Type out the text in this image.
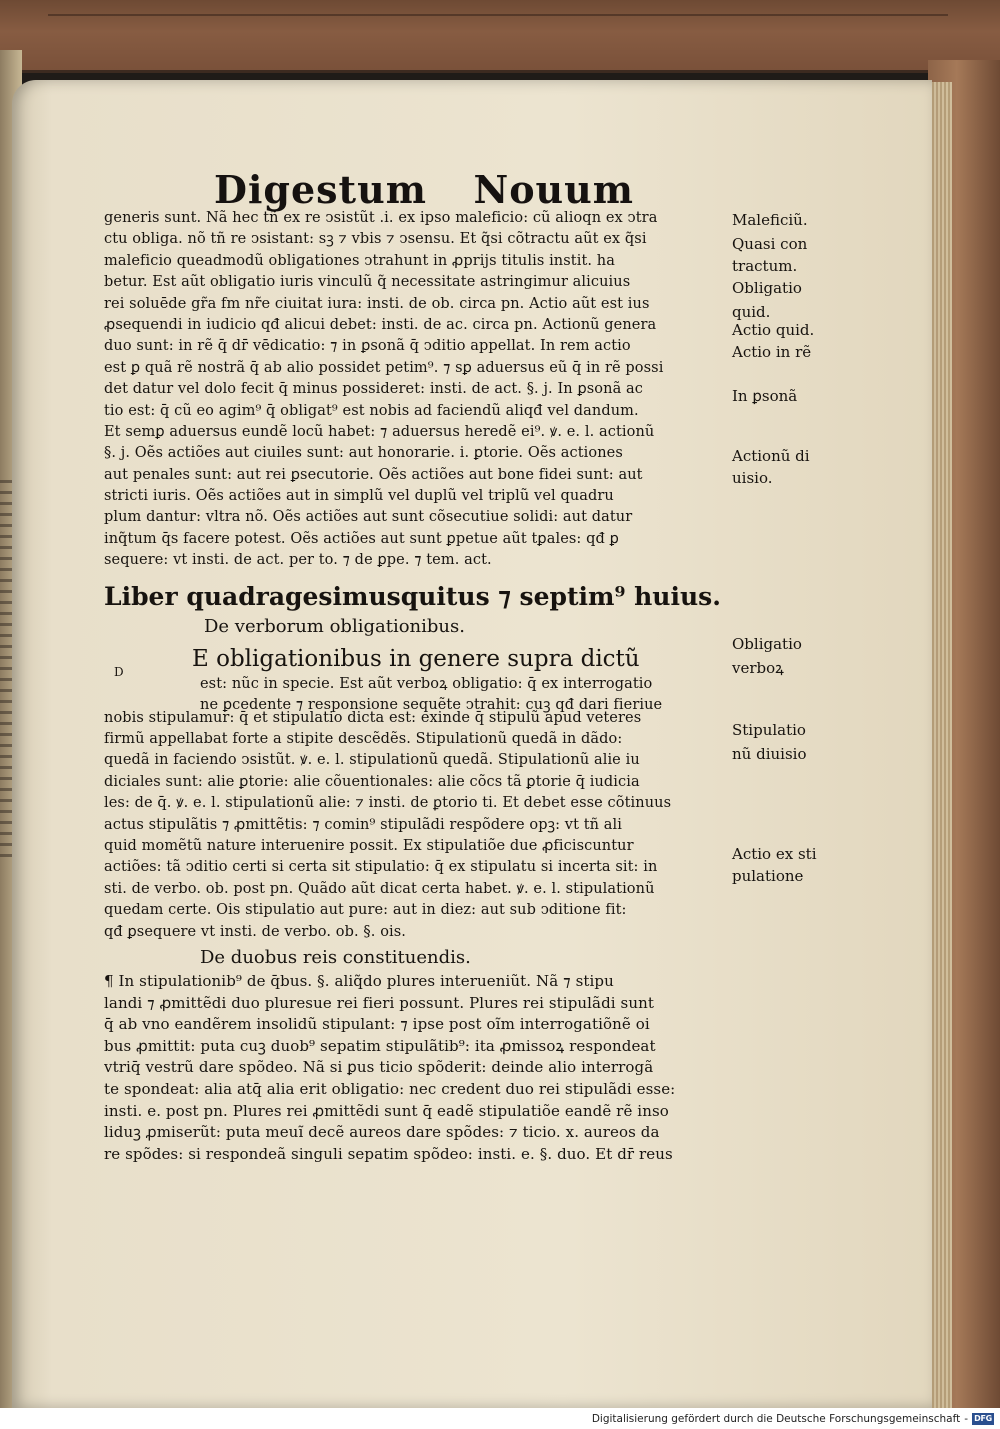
Digestum Nouum
generis sunt. Nã hec tñ ex re ↄsistũt .i. ex ipso maleficio: cũ alioqn ex ↄtra
ctu obliga. nõ tñ re ↄsistant: sꝫ ⁊ vbis ⁊ ↄsensu. Et q̃si cõtractu aũt ex q̃si
maleficio queadmodũ obligationes ↄtrahunt in ꝓprijs titulis instit. ha
betur. Est aũt obligatio iuris vinculũ q̃ necessitate astringimur alicuius
rei soluēde gr̃a fm nr̃e ciuitat iura: insti. de ob. circa pn. Actio aũt est ius
ꝓsequendi in iudicio qđ alicui debet: insti. de ac. circa pn. Actionũ genera
duo sunt: in rẽ q̄ dr̄ vēdicatio: ⁊ in ꝑsonã q̄ ↄditio appellat. In rem actio
est ꝑ quã rẽ nostrã q̄ ab alio possidet petim⁹. ⁊ sꝑ aduersus eũ q̄ in rẽ possi
det datur vel dolo fecit q̄ minus possideret: insti. de act. §. j. In ꝑsonã ac
tio est: q̄ cũ eo agim⁹ q̄ obligat⁹ est nobis ad faciendũ aliqđ vel dandum.
Et semꝑ aduersus eundẽ locũ habet: ⁊ aduersus heredẽ ei⁹. ꝟ. e. l. actionũ
§. j. Oẽs actiões aut ciuiles sunt: aut honorarie. i. ꝑtorie. Oẽs actiones
aut penales sunt: aut rei ꝑsecutorie. Oẽs actiões aut bone fidei sunt: aut
stricti iuris. Oẽs actiões aut in simplũ vel duplũ vel triplũ vel quadru
plum dantur: vltra nõ. Oẽs actiões aut sunt cõsecutiue solidi: aut datur
inq̃tum q̄s facere potest. Oẽs actiões aut sunt ꝑpetue aũt tꝑales: qđ ꝑ
sequere: vt insti. de act. per to. ⁊ de ꝑpe. ⁊ tem. act.
Liber quadragesimusquitus ⁊ septim⁹ huius.
De verborum obligationibus.
D	E obligationibus in genere supra dictũ
est: nũc in specie. Est aũt verboꝝ obligatio: q̄ ex interrogatio
ne ꝑcedente ⁊ responsione sequẽte ↄtrahit: cuꝫ qđ dari fieriue
nobis stipulamur: q̄ et stipulatio dicta est: exinde q̄ stipulũ apud veteres
firmũ appellabat forte a stipite descẽdẽs. Stipulationũ quedã in dãdo:
quedã in faciendo ↄsistũt. ꝟ. e. l. stipulationũ quedã. Stipulationũ alie iu
diciales sunt: alie ꝑtorie: alie cõuentionales: alie cõcs tã ꝑtorie q̄ iudicia
les: de q̄. ꝟ. e. l. stipulationũ alie: ⁊ insti. de ꝑtorio ti. Et debet esse cõtinuus
actus stipulãtis ⁊ ꝓmittẽtis: ⁊ comin⁹ stipulãdi respõdere opꝫ: vt tñ ali
quid momẽtũ nature interuenire possit. Ex stipulatiõe due ꝓficiscuntur
actiões: tã ↄditio certi si certa sit stipulatio: q̄ ex stipulatu si incerta sit: in
sti. de verbo. ob. post pn. Quãdo aũt dicat certa habet. ꝟ. e. l. stipulationũ
quedam certe. Ois stipulatio aut pure: aut in diez: aut sub ↄditione fit:
qđ ꝑsequere vt insti. de verbo. ob. §. ois.
De duobus reis constituendis.
¶ In stipulationib⁹ de q̄bus. §. aliq̃do plures interueniũt. Nã ⁊ stipu
landi ⁊ ꝓmittẽdi duo pluresue rei fieri possunt. Plures rei stipulãdi sunt
q̄ ab vno eandẽrem insolidũ stipulant: ⁊ ipse post oĩm interrogatiõnẽ oi
bus ꝓmittit: puta cuꝫ duob⁹ sepatim stipulãtib⁹: ita ꝓmissoꝝ respondeat
vtriq̄ vestrũ dare spõdeo. Nã si ꝑus ticio spõderit: deinde alio interrogã
te spondeat: alia atq̄ alia erit obligatio: nec credent duo rei stipulãdi esse:
insti. e. post pn. Plures rei ꝓmittẽdi sunt q̄ eadẽ stipulatiõe eandẽ rẽ inso
liduꝫ ꝓmiserũt: puta meuĩ decẽ aureos dare spõdes: ⁊ ticio. x. aureos da
re spõdes: si respondeã singuli sepatim spõdeo: insti. e. §. duo. Et dr̄ reus
Maleficiũ.
Quasi con
tractum.
Obligatio
quid.
Actio quid.
Actio in rẽ
In ꝑsonã
Actionũ di
uisio.
Obligatio
verboꝝ
Stipulatio
nũ diuisio
Actio ex sti
pulatione
Digitalisierung gefördert durch die Deutsche Forschungsgemeinschaft - DFG
